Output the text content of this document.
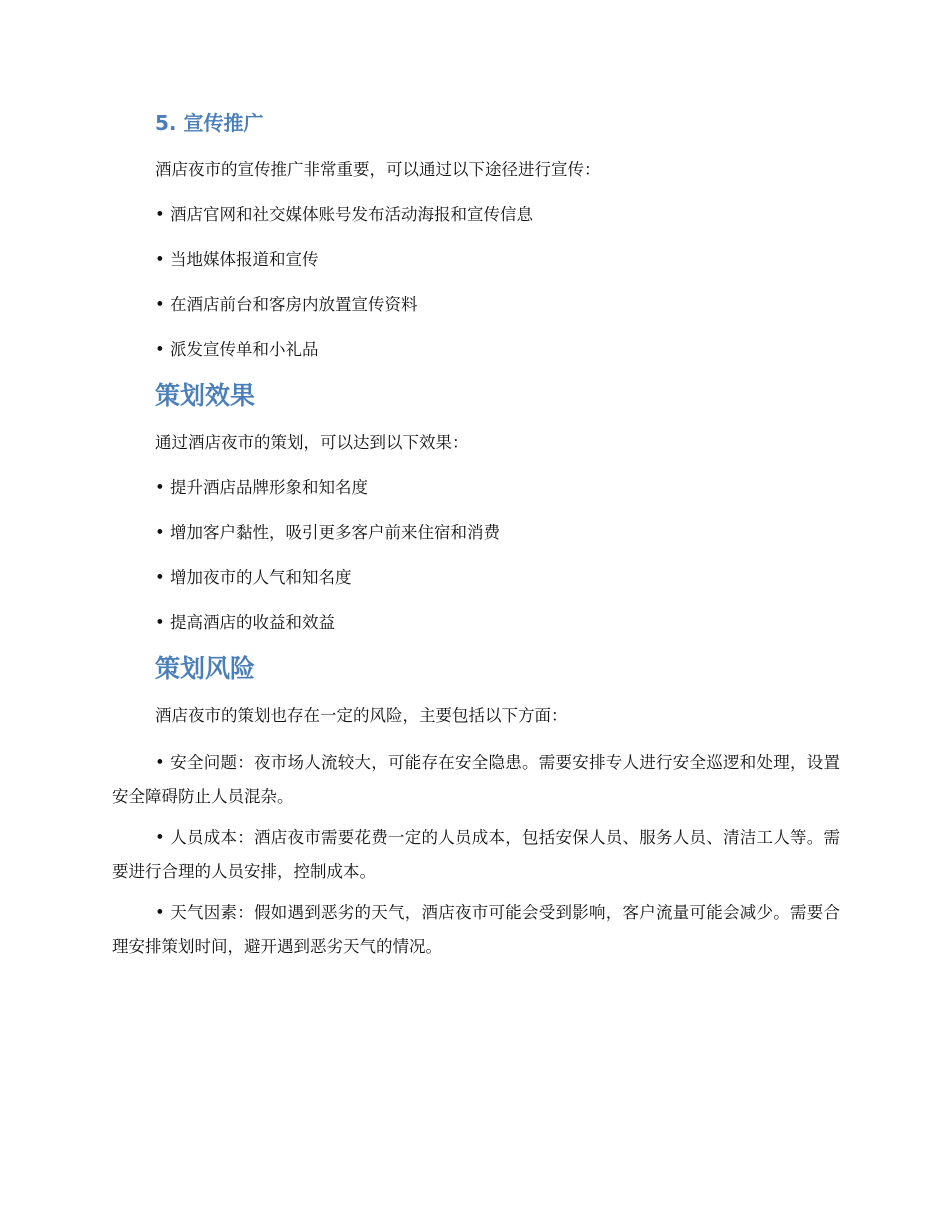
5. 宣传推广
酒店夜市的宣传推广非常重要，可以通过以下途径进行宣传：
• 酒店官网和社交媒体账号发布活动海报和宣传信息
• 当地媒体报道和宣传
• 在酒店前台和客房内放置宣传资料
• 派发宣传单和小礼品
策划效果
通过酒店夜市的策划，可以达到以下效果：
• 提升酒店品牌形象和知名度
• 增加客户黏性，吸引更多客户前来住宿和消费
• 增加夜市的人气和知名度
• 提高酒店的收益和效益
策划风险
酒店夜市的策划也存在一定的风险，主要包括以下方面：
• 安全问题：夜市场人流较大，可能存在安全隐患。需要安排专人进行安全巡逻和处理，设置安全障碍防止人员混杂。
• 人员成本：酒店夜市需要花费一定的人员成本，包括安保人员、服务人员、清洁工人等。需要进行合理的人员安排，控制成本。
• 天气因素：假如遇到恶劣的天气，酒店夜市可能会受到影响，客户流量可能会减少。需要合理安排策划时间，避开遇到恶劣天气的情况。
